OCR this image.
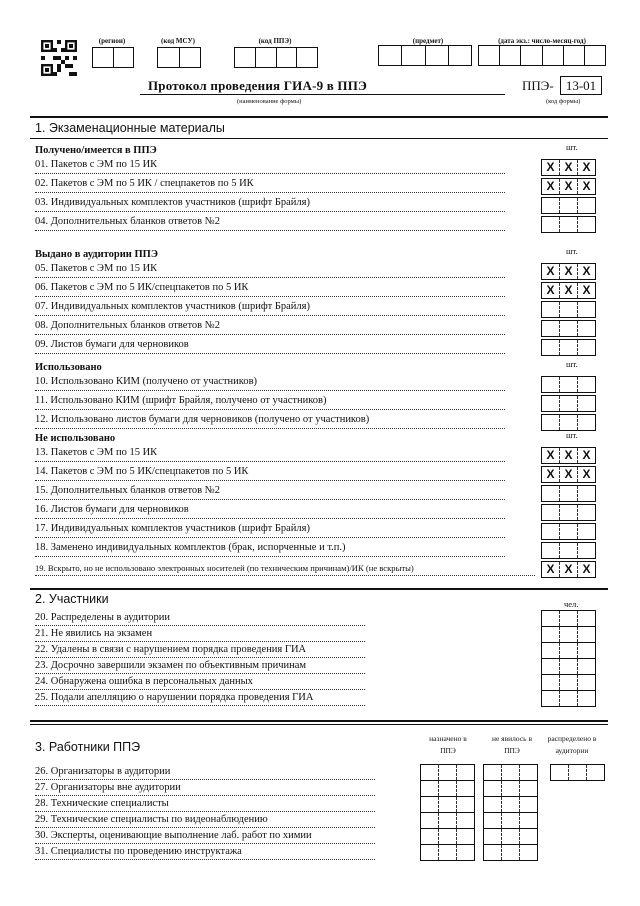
(регион)	(код МСУ)	(код ППЭ)	(предмет)	(дата экз.: число-месяц-год)
Протокол проведения ГИА-9 в ППЭ
(наименование формы)
ППЭ- 13-01
(код формы)
1. Экзаменационные материалы
Получено/имеется в ППЭ	шт.
01. Пакетов с ЭМ по 15 ИК	X X X
02. Пакетов с ЭМ по 5 ИК / спецпакетов по 5 ИК	X X X
03. Индивидуальных комплектов участников (шрифт Брайля)
04. Дополнительных бланков ответов №2
Выдано в аудитории ППЭ	шт.
05. Пакетов с ЭМ по 15 ИК	X X X
06. Пакетов с ЭМ по 5 ИК/спецпакетов по 5 ИК	X X X
07. Индивидуальных комплектов участников (шрифт Брайля)
08. Дополнительных бланков ответов №2
09. Листов бумаги для черновиков
Использовано	шт.
10. Использовано КИМ (получено от участников)
11. Использовано КИМ (шрифт Брайля, получено от участников)
12. Использовано листов бумаги для черновиков (получено от участников)
Не использовано	шт.
13. Пакетов с ЭМ по 15 ИК	X X X
14. Пакетов с ЭМ по 5 ИК/спецпакетов по 5 ИК	X X X
15. Дополнительных бланков ответов №2
16. Листов бумаги для черновиков
17. Индивидуальных комплектов участников (шрифт Брайля)
18. Заменено индивидуальных комплектов (брак, испорченные и т.п.)
19. Вскрыто, но не использовано электронных носителей (по техническим причинам)/ИК (не вскрыты)	X X X
2. Участники	чел.
20. Распределены в аудитории
21. Не явились на экзамен
22. Удалены в связи с нарушением порядка проведения ГИА
23. Досрочно завершили экзамен по объективным причинам
24. Обнаружена ошибка в персональных данных
25. Подали апелляцию о нарушении порядка проведения ГИА
3. Работники ППЭ
назначено в
ППЭ
не явилось в
ППЭ
распределено в
аудитории
26. Организаторы в аудитории
27. Организаторы вне аудитории
28. Технические специалисты
29. Технические специалисты по видеонаблюдению
30. Эксперты, оценивающие выполнение лаб. работ по химии
31. Специалисты по проведению инструктажа
